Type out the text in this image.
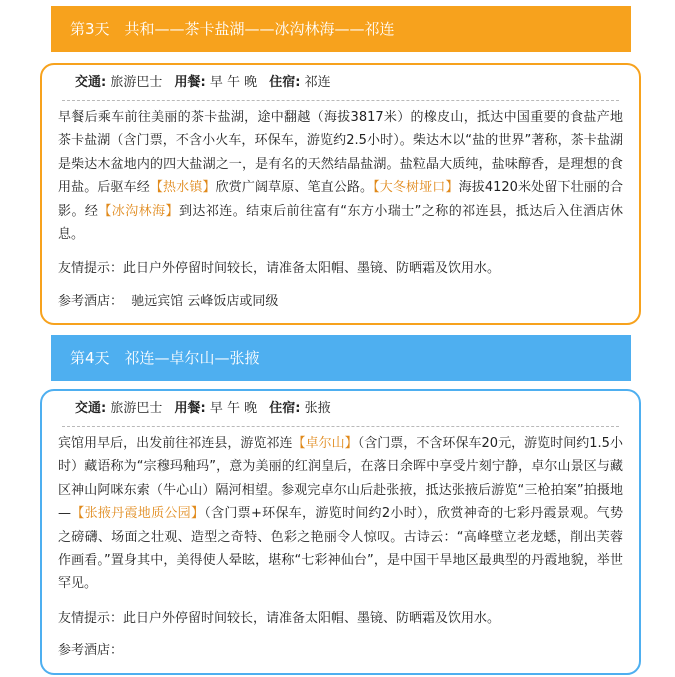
第3天 共和——茶卡盐湖——冰沟林海——祁连
交通: 旅游巴士 用餐: 早 午 晚 住宿: 祁连

早餐后乘车前往美丽的茶卡盐湖，途中翻越（海拔3817米）的橡皮山，抵达中国重要的食盐产地茶卡盐湖（含门票，不含小火车，环保车，游览约2.5小时）。柴达木以“盐的世界”著称，茶卡盐湖是柴达木盆地内的四大盐湖之一，是有名的天然结晶盐湖。盐粒晶大质纯，盐味醇香，是理想的食用盐。后驱车经【热水镇】欣赏广阔草原、笔直公路。【大冬树垭口】海拔4120米处留下壮丽的合影。经【冰沟林海】到达祁连。结束后前往富有“东方小瑞士”之称的祁连县，抵达后入住酒店休息。

友情提示：此日户外停留时间较长，请准备太阳帽、墨镜、防晒霜及饮用水。
参考酒店： 驰远宾馆 云峰饭店或同级
第4天 祁连—卓尔山—张掖
交通: 旅游巴士 用餐: 早 午 晚 住宿: 张掖

宾馆用早后，出发前往祁连县，游览祁连【卓尔山】（含门票，不含环保车20元，游览时间约1.5小时）藏语称为“宗穆玛釉玛”，意为美丽的红润皇后，在落日余晖中享受片刻宁静，卓尔山景区与藏区神山阿咪东索（牛心山）隔河相望。参观完卓尔山后赴张掖，抵达张掖后游览“三枪拍案”拍摄地—【张掖丹霞地质公园】（含门票+环保车，游览时间约2小时），欣赏神奇的七彩丹霞景观。气势之磅礴、场面之壮观、造型之奇特、色彩之艳丽令人惊叹。古诗云：“高峰壁立老龙蟋，削出芙蓉作画看。”置身其中，美得使人晕眩，堪称“七彩神仙台”，是中国干旱地区最典型的丹霞地貌，举世罕见。

友情提示：此日户外停留时间较长，请准备太阳帽、墨镜、防晒霜及饮用水。
参考酒店：
